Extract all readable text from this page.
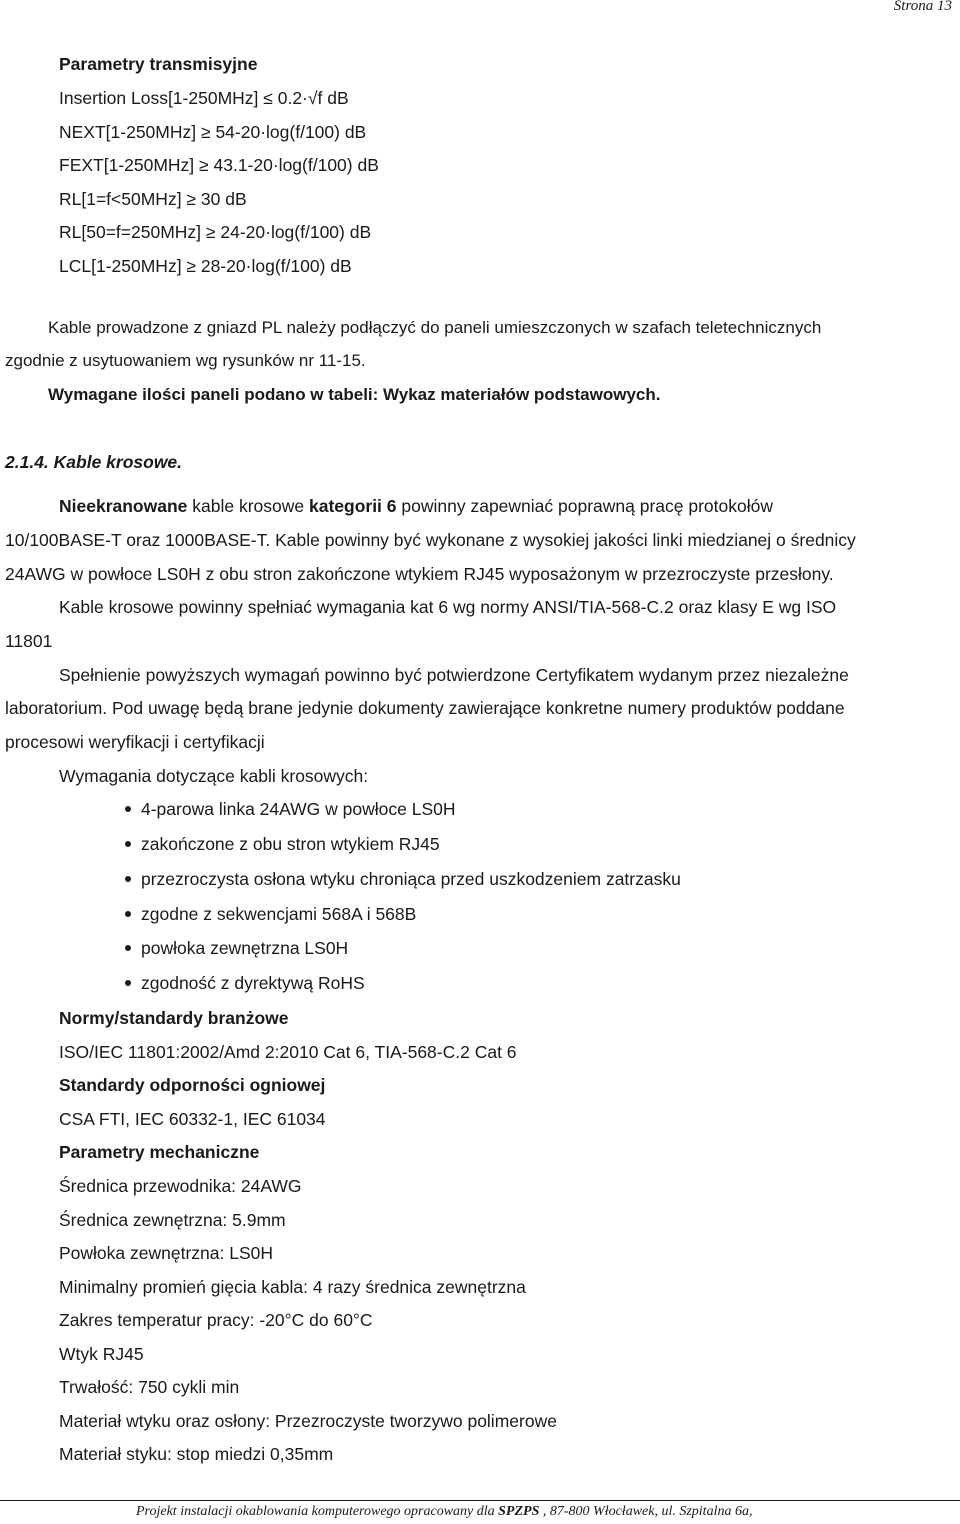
Strona 13
Parametry transmisyjne
Insertion Loss[1-250MHz] ≤ 0.2·√f dB
NEXT[1-250MHz] ≥ 54-20·log(f/100) dB
FEXT[1-250MHz] ≥ 43.1-20·log(f/100) dB
RL[1=f<50MHz] ≥ 30 dB
RL[50=f=250MHz] ≥ 24-20·log(f/100) dB
LCL[1-250MHz] ≥ 28-20·log(f/100) dB
Kable prowadzone z gniazd PL należy podłączyć do paneli umieszczonych w szafach teletechnicznych
zgodnie z usytuowaniem wg rysunków nr 11-15.
Wymagane ilości paneli podano w tabeli: Wykaz materiałów podstawowych.
2.1.4. Kable krosowe.
Nieekranowane kable krosowe kategorii 6 powinny zapewniać poprawną pracę protokołów
10/100BASE-T oraz 1000BASE-T. Kable powinny być wykonane z wysokiej jakości linki miedzianej o średnicy
24AWG w powłoce LS0H z obu stron zakończone wtykiem RJ45 wyposażonym w przezroczyste przesłony.
Kable krosowe powinny spełniać wymagania kat 6 wg normy ANSI/TIA-568-C.2 oraz klasy E wg ISO
11801
Spełnienie powyższych wymagań powinno być potwierdzone Certyfikatem wydanym przez niezależne
laboratorium. Pod uwagę będą brane jedynie dokumenty zawierające konkretne numery produktów poddane
procesowi weryfikacji i certyfikacji
Wymagania dotyczące kabli krosowych:
4-parowa linka 24AWG w powłoce LS0H
zakończone z obu stron wtykiem RJ45
przezroczysta osłona wtyku chroniąca przed uszkodzeniem zatrzasku
zgodne z sekwencjami 568A i 568B
powłoka zewnętrzna LS0H
zgodność z dyrektywą RoHS
Normy/standardy branżowe
ISO/IEC 11801:2002/Amd 2:2010 Cat 6, TIA-568-C.2 Cat 6
Standardy odporności ogniowej
CSA FTI, IEC 60332-1, IEC 61034
Parametry mechaniczne
Średnica przewodnika: 24AWG
Średnica zewnętrzna: 5.9mm
Powłoka zewnętrzna: LS0H
Minimalny promień gięcia kabla: 4 razy średnica zewnętrzna
Zakres temperatur pracy: -20°C do 60°C
Wtyk RJ45
Trwałość: 750 cykli min
Materiał wtyku oraz osłony: Przezroczyste tworzywo polimerowe
Materiał styku: stop miedzi 0,35mm
Projekt instalacji okablowania komputerowego opracowany dla SPZPS , 87-800 Włocławek, ul. Szpitalna 6a,
